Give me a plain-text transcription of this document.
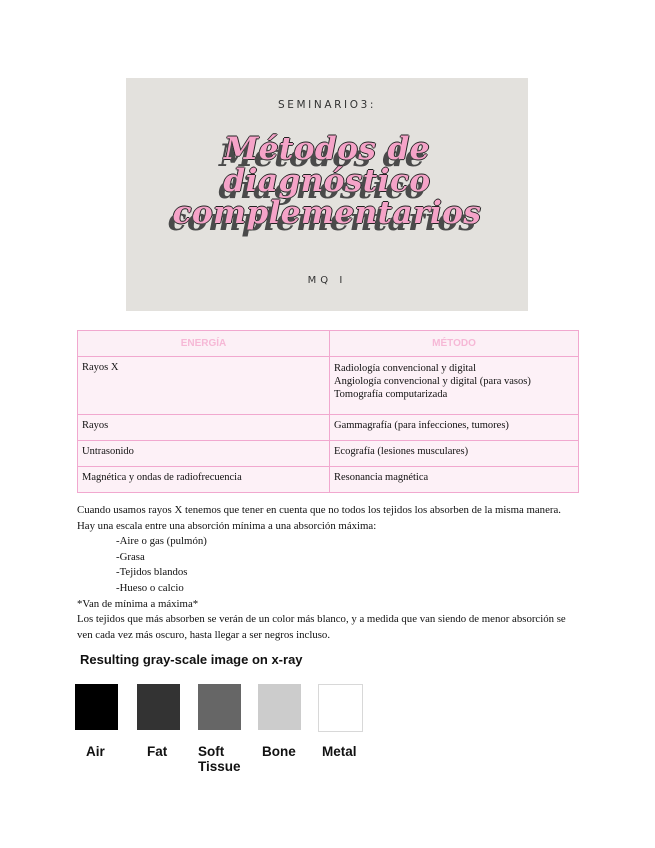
SEMINARIO3:
Métodos de
diagnóstico
complementarios
MQ I
ENERGÍA	MÉTODO
Rayos X	Radiología convencional y digital
Angiología convencional y digital (para vasos)
Tomografía computarizada

Rayos	Gammagrafía (para infecciones, tumores)
Untrasonido	Ecografía (lesiones musculares)
Magnética y ondas de radiofrecuencia	Resonancia magnética

Cuando usamos rayos X tenemos que tener en cuenta que no todos los tejidos los absorben de la misma manera. Hay una escala entre una absorción mínima a una absorción máxima:

-Aire o gas (pulmón)

-Grasa

-Tejidos blandos

-Hueso o calcio

*Van de mínima a máxima*

Los tejidos que más absorben se verán de un color más blanco, y a medida que van siendo de menor absorción se ven cada vez más oscuro, hasta llegar a ser negros incluso.

Resulting gray-scale image on x-ray
Air	Fat Soft Tissue
Bone Metal
